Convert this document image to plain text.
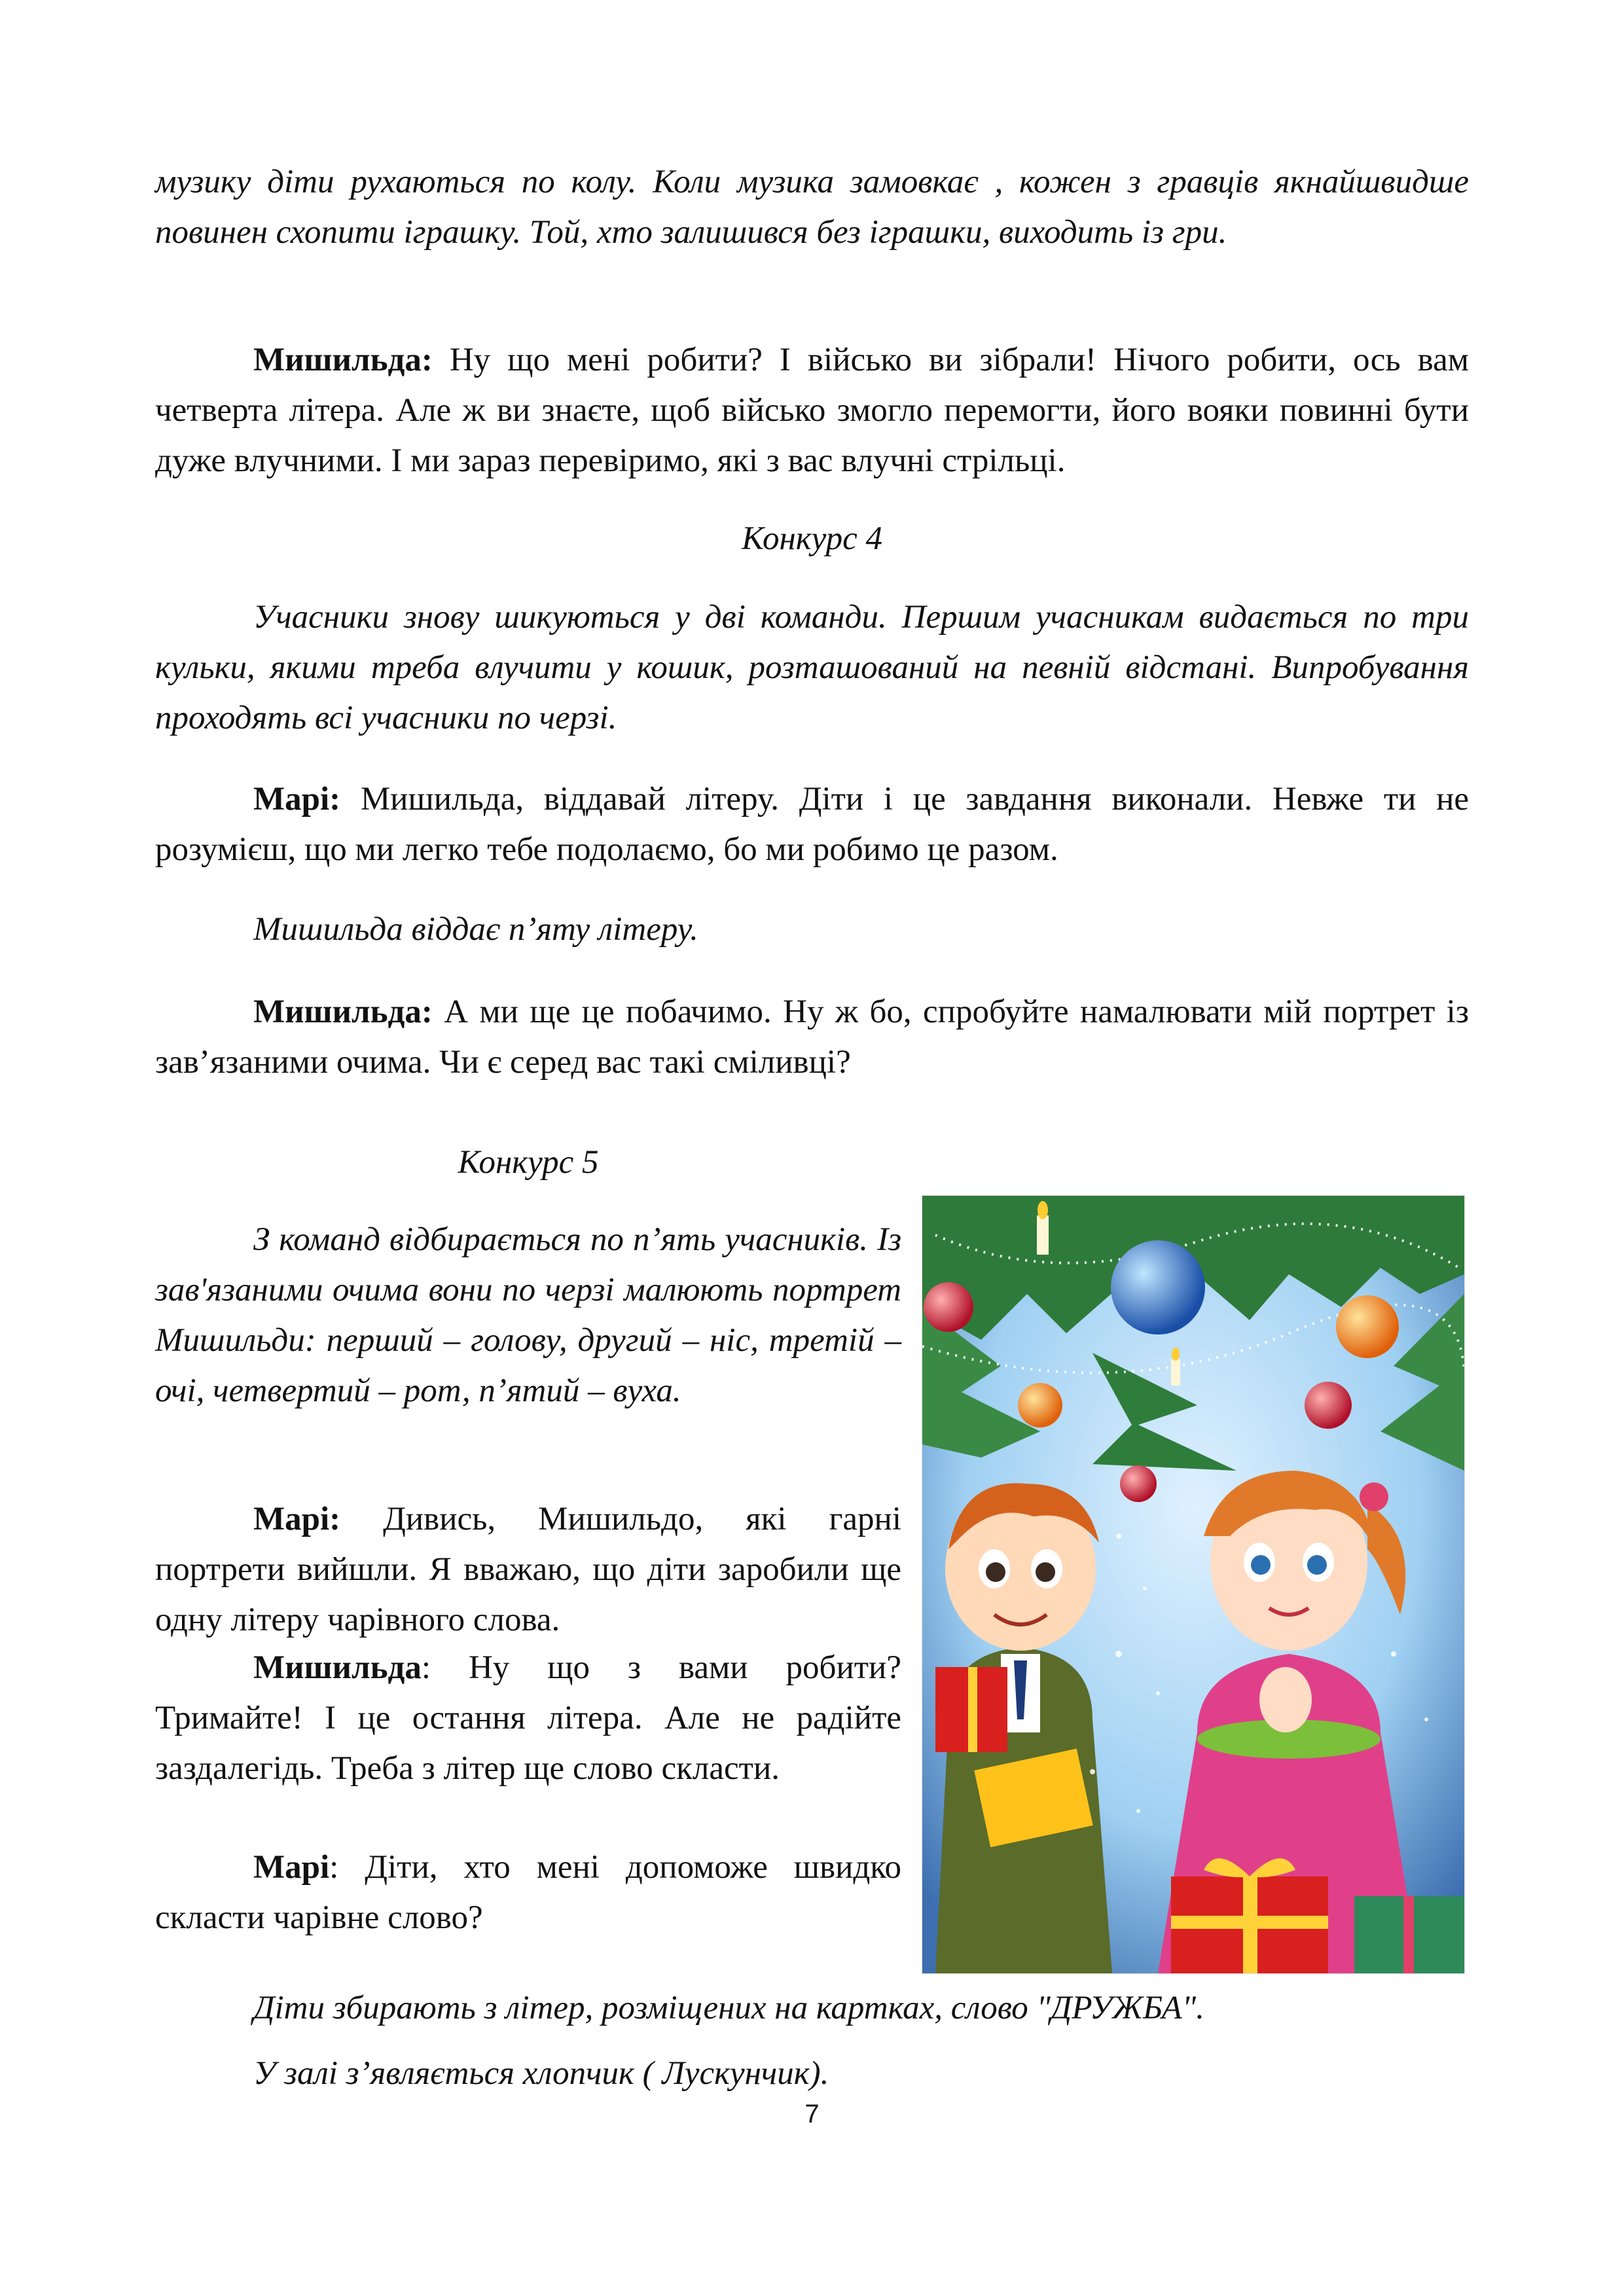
музику діти рухаються по колу. Коли музика замовкає , кожен з гравців якнайшвидше повинен схопити іграшку. Той, хто залишився без іграшки, виходить із гри.

Мишильда: Ну що мені робити? І військо ви зібрали! Нічого робити, ось вам четверта літера. Але ж ви знаєте, щоб військо змогло перемогти, його вояки повинні бути дуже влучними. І ми зараз перевіримо, які з вас влучні стрільці.

Конкурс 4

Учасники знову шикуються у дві команди. Першим учасникам видається по три кульки, якими треба влучити у кошик, розташований на певній відстані. Випробування проходять всі учасники по черзі.

Марі: Мишильда, віддавай літеру. Діти і це завдання виконали. Невже ти не розумієш, що ми легко тебе подолаємо, бо ми робимо це разом.

Мишильда віддає п’яту літеру.

Мишильда: А ми ще це побачимо. Ну ж бо, спробуйте намалювати мій портрет із зав’язаними очима. Чи є серед вас такі сміливці?

Конкурс 5

З команд відбирається по п’ять учасників. Із зав'язаними очима вони по черзі малюють портрет Мишильди: перший – голову, другий – ніс, третій – очі, четвертий – рот, п’ятий – вуха.

Марі: Дивись, Мишильдо, які гарні портрети вийшли. Я вважаю, що діти заробили ще одну літеру чарівного слова.

Мишильда: Ну що з вами робити? Тримайте! І це остання літера. Але не радійте заздалегідь. Треба з літер ще слово скласти.

Марі: Діти, хто мені допоможе швидко скласти чарівне слово?

Діти збирають з літер, розміщених на картках, слово "ДРУЖБА".

У залі з’являється хлопчик ( Лускунчик).

7
